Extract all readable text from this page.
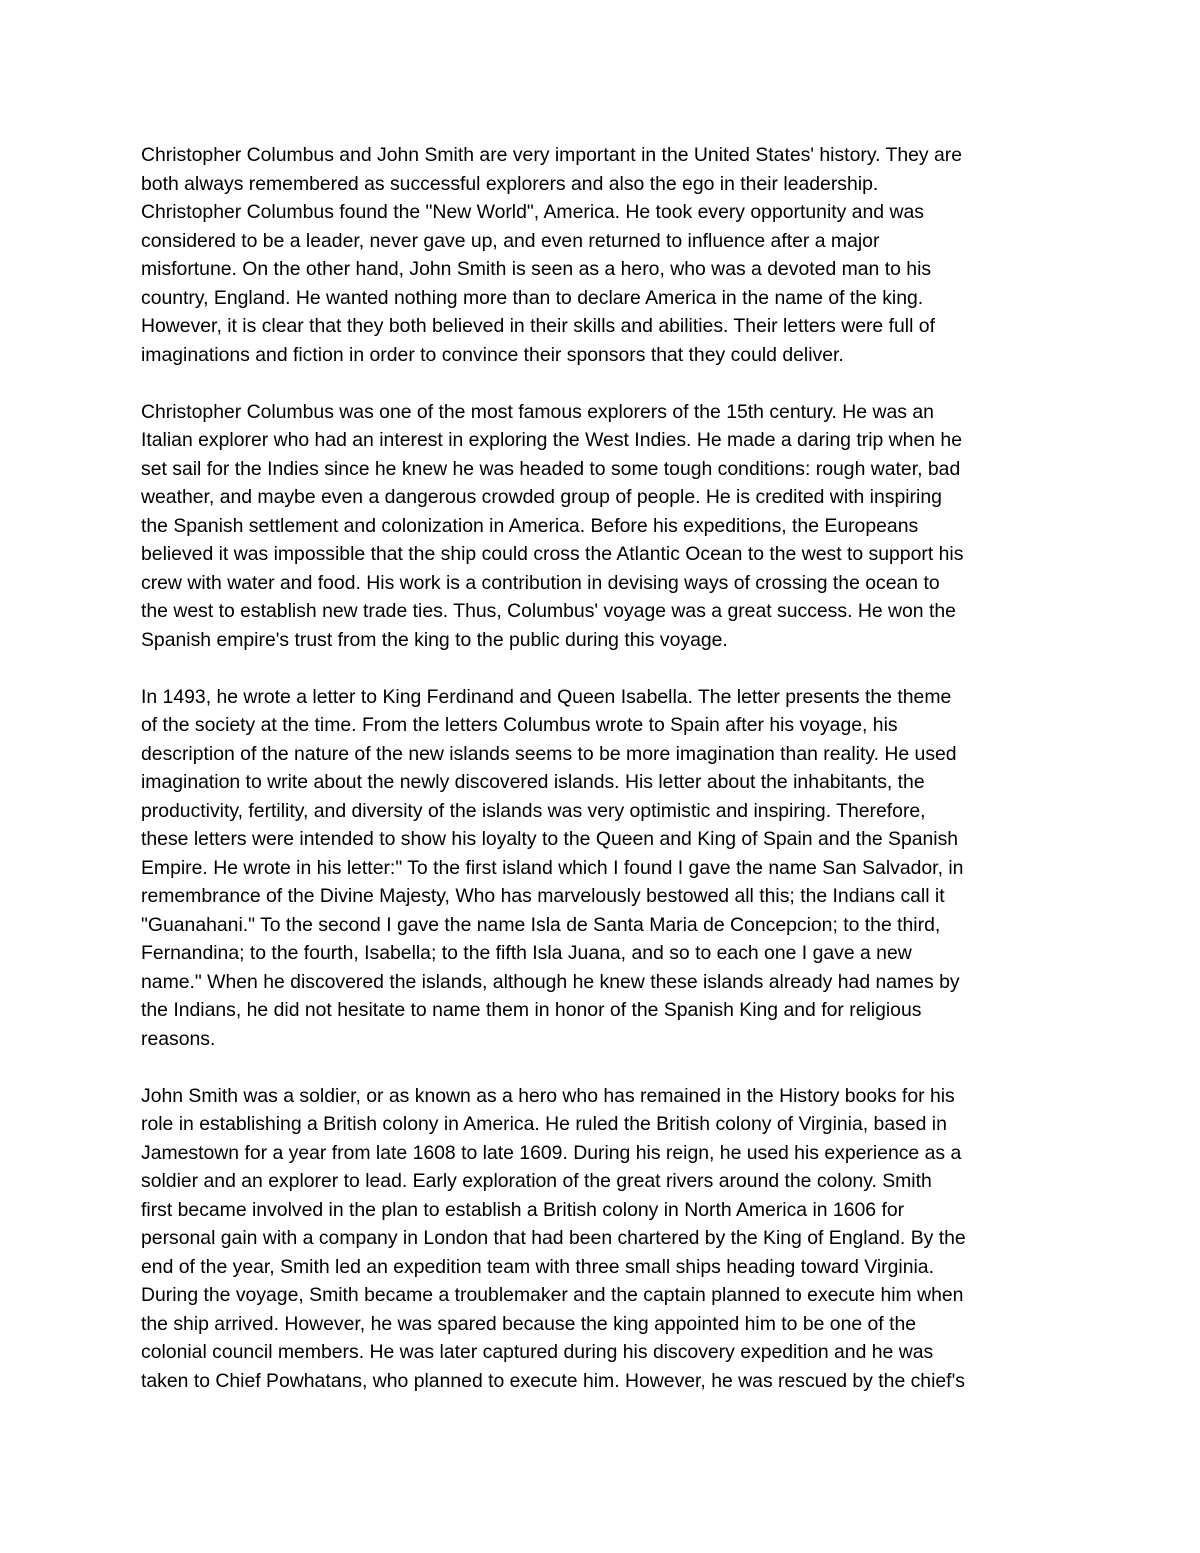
Christopher Columbus and John Smith are very important in the United States' history. They are
both always remembered as successful explorers and also the ego in their leadership.
Christopher Columbus found the "New World", America. He took every opportunity and was
considered to be a leader, never gave up, and even returned to influence after a major
misfortune. On the other hand, John Smith is seen as a hero, who was a devoted man to his
country, England. He wanted nothing more than to declare America in the name of the king.
However, it is clear that they both believed in their skills and abilities. Their letters were full of
imaginations and fiction in order to convince their sponsors that they could deliver.

Christopher Columbus was one of the most famous explorers of the 15th century. He was an
Italian explorer who had an interest in exploring the West Indies. He made a daring trip when he
set sail for the Indies since he knew he was headed to some tough conditions: rough water, bad
weather, and maybe even a dangerous crowded group of people. He is credited with inspiring
the Spanish settlement and colonization in America. Before his expeditions, the Europeans
believed it was impossible that the ship could cross the Atlantic Ocean to the west to support his
crew with water and food. His work is a contribution in devising ways of crossing the ocean to
the west to establish new trade ties. Thus, Columbus' voyage was a great success. He won the
Spanish empire's trust from the king to the public during this voyage.

In 1493, he wrote a letter to King Ferdinand and Queen Isabella. The letter presents the theme
of the society at the time. From the letters Columbus wrote to Spain after his voyage, his
description of the nature of the new islands seems to be more imagination than reality. He used
imagination to write about the newly discovered islands. His letter about the inhabitants, the
productivity, fertility, and diversity of the islands was very optimistic and inspiring. Therefore,
these letters were intended to show his loyalty to the Queen and King of Spain and the Spanish
Empire. He wrote in his letter:" To the first island which I found I gave the name San Salvador, in
remembrance of the Divine Majesty, Who has marvelously bestowed all this; the Indians call it
"Guanahani." To the second I gave the name Isla de Santa Maria de Concepcion; to the third,
Fernandina; to the fourth, Isabella; to the fifth Isla Juana, and so to each one I gave a new
name." When he discovered the islands, although he knew these islands already had names by
the Indians, he did not hesitate to name them in honor of the Spanish King and for religious
reasons.

John Smith was a soldier, or as known as a hero who has remained in the History books for his
role in establishing a British colony in America. He ruled the British colony of Virginia, based in
Jamestown for a year from late 1608 to late 1609. During his reign, he used his experience as a
soldier and an explorer to lead. Early exploration of the great rivers around the colony. Smith
first became involved in the plan to establish a British colony in North America in 1606 for
personal gain with a company in London that had been chartered by the King of England. By the
end of the year, Smith led an expedition team with three small ships heading toward Virginia.
During the voyage, Smith became a troublemaker and the captain planned to execute him when
the ship arrived. However, he was spared because the king appointed him to be one of the
colonial council members. He was later captured during his discovery expedition and he was
taken to Chief Powhatans, who planned to execute him. However, he was rescued by the chief's
